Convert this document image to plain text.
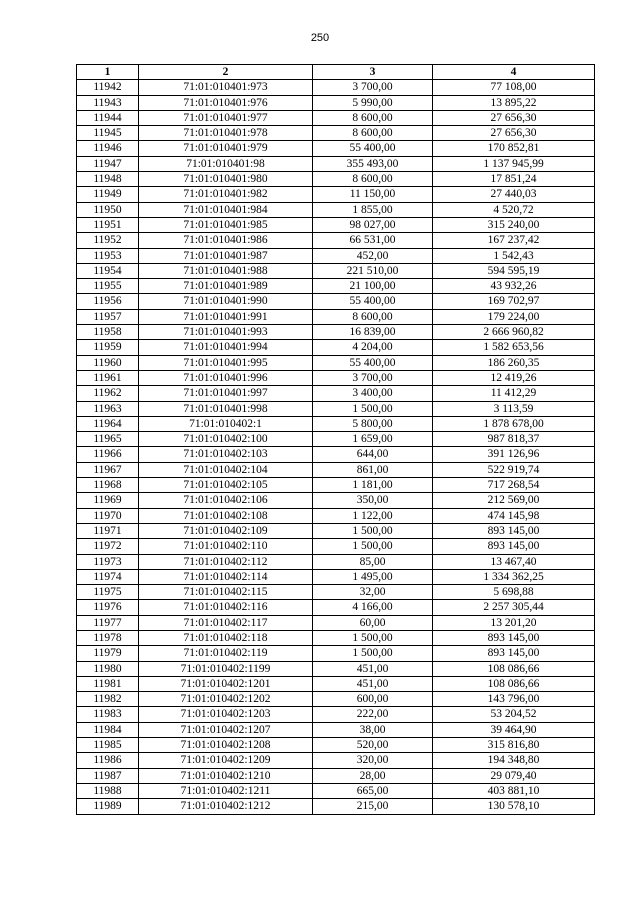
250
1	2	3	4
11942	71:01:010401:973	3 700,00	77 108,00
11943	71:01:010401:976	5 990,00	13 895,22
11944	71:01:010401:977	8 600,00	27 656,30
11945	71:01:010401:978	8 600,00	27 656,30
11946	71:01:010401:979	55 400,00	170 852,81
11947	71:01:010401:98	355 493,00	1 137 945,99
11948	71:01:010401:980	8 600,00	17 851,24
11949	71:01:010401:982	11 150,00	27 440,03
11950	71:01:010401:984	1 855,00	4 520,72
11951	71:01:010401:985	98 027,00	315 240,00
11952	71:01:010401:986	66 531,00	167 237,42
11953	71:01:010401:987	452,00	1 542,43
11954	71:01:010401:988	221 510,00	594 595,19
11955	71:01:010401:989	21 100,00	43 932,26
11956	71:01:010401:990	55 400,00	169 702,97
11957	71:01:010401:991	8 600,00	179 224,00
11958	71:01:010401:993	16 839,00	2 666 960,82
11959	71:01:010401:994	4 204,00	1 582 653,56
11960	71:01:010401:995	55 400,00	186 260,35
11961	71:01:010401:996	3 700,00	12 419,26
11962	71:01:010401:997	3 400,00	11 412,29
11963	71:01:010401:998	1 500,00	3 113,59
11964	71:01:010402:1	5 800,00	1 878 678,00
11965	71:01:010402:100	1 659,00	987 818,37
11966	71:01:010402:103	644,00	391 126,96
11967	71:01:010402:104	861,00	522 919,74
11968	71:01:010402:105	1 181,00	717 268,54
11969	71:01:010402:106	350,00	212 569,00
11970	71:01:010402:108	1 122,00	474 145,98
11971	71:01:010402:109	1 500,00	893 145,00
11972	71:01:010402:110	1 500,00	893 145,00
11973	71:01:010402:112	85,00	13 467,40
11974	71:01:010402:114	1 495,00	1 334 362,25
11975	71:01:010402:115	32,00	5 698,88
11976	71:01:010402:116	4 166,00	2 257 305,44
11977	71:01:010402:117	60,00	13 201,20
11978	71:01:010402:118	1 500,00	893 145,00
11979	71:01:010402:119	1 500,00	893 145,00
11980	71:01:010402:1199	451,00	108 086,66
11981	71:01:010402:1201	451,00	108 086,66
11982	71:01:010402:1202	600,00	143 796,00
11983	71:01:010402:1203	222,00	53 204,52
11984	71:01:010402:1207	38,00	39 464,90
11985	71:01:010402:1208	520,00	315 816,80
11986	71:01:010402:1209	320,00	194 348,80
11987	71:01:010402:1210	28,00	29 079,40
11988	71:01:010402:1211	665,00	403 881,10
11989	71:01:010402:1212	215,00	130 578,10
